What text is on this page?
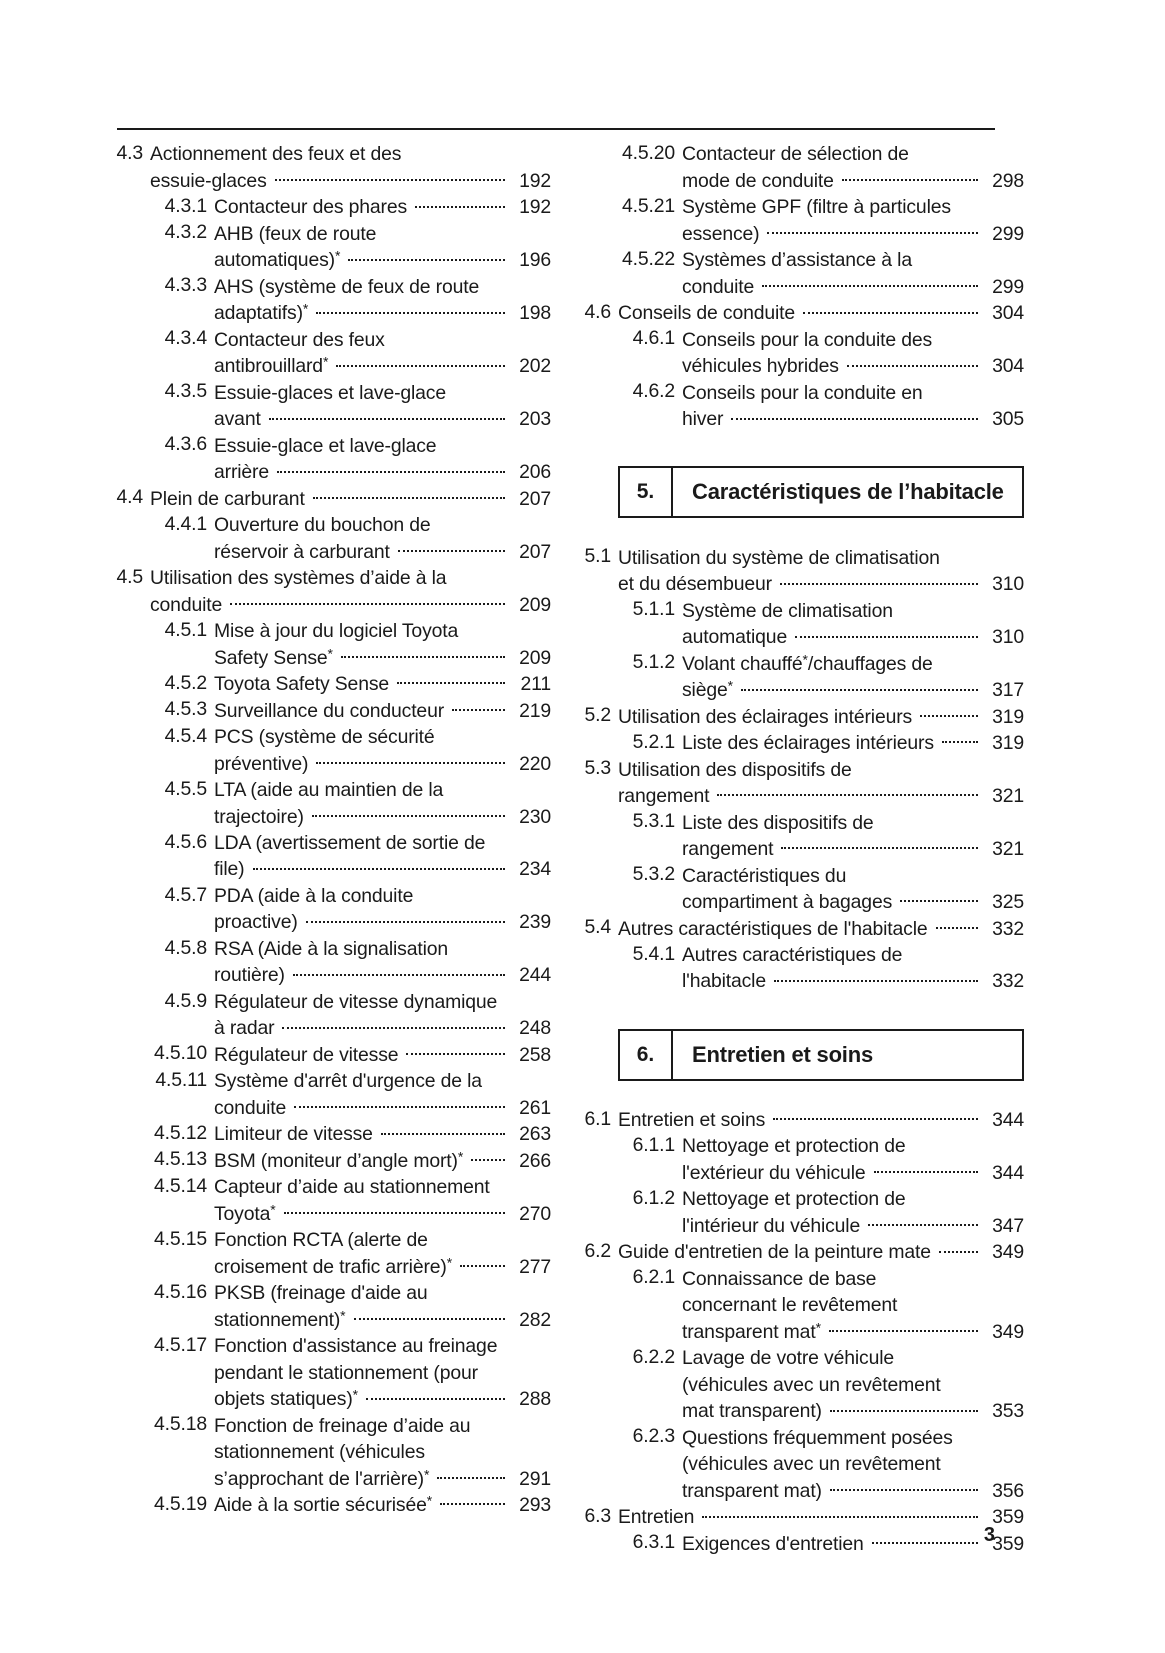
4.3 Actionnement des feux et des
essuie-glaces	192
4.3.1 Contacteur des phares	192
4.3.2 AHB (feux de route
automatiques)*	196
4.3.3 AHS (système de feux de route
adaptatifs)*	198
4.3.4 Contacteur des feux
antibrouillard*	202
4.3.5 Essuie-glaces et lave-glace
avant	203
4.3.6 Essuie-glace et lave-glace
arrière	206
4.4 Plein de carburant	207
4.4.1 Ouverture du bouchon de
réservoir à carburant	207
4.5 Utilisation des systèmes d’aide à la
conduite	209
4.5.1 Mise à jour du logiciel Toyota
Safety Sense*	209
4.5.2 Toyota Safety Sense	211
4.5.3 Surveillance du conducteur	219
4.5.4 PCS (système de sécurité
préventive)	220
4.5.5 LTA (aide au maintien de la
trajectoire)	230
4.5.6 LDA (avertissement de sortie de
file)	234
4.5.7 PDA (aide à la conduite
proactive)	239
4.5.8 RSA (Aide à la signalisation
routière)	244
4.5.9 Régulateur de vitesse dynamique
à radar	248
4.5.10 Régulateur de vitesse	258
4.5.11 Système d'arrêt d'urgence de la
conduite	261
4.5.12 Limiteur de vitesse	263
4.5.13 BSM (moniteur d’angle mort)*	266
4.5.14 Capteur d’aide au stationnement
Toyota*	270
4.5.15 Fonction RCTA (alerte de
croisement de trafic arrière)*	277
4.5.16 PKSB (freinage d'aide au
stationnement)*	282
4.5.17 Fonction d'assistance au freinage
pendant le stationnement (pour
objets statiques)*	288
4.5.18 Fonction de freinage d’aide au
stationnement (véhicules
s’approchant de l'arrière)*	291
4.5.19 Aide à la sortie sécurisée*	293
4.5.20 Contacteur de sélection de
mode de conduite	298
4.5.21 Système GPF (filtre à particules
essence)	299
4.5.22 Systèmes d’assistance à la
conduite	299
4.6 Conseils de conduite	304
4.6.1 Conseils pour la conduite des
véhicules hybrides	304
4.6.2 Conseils pour la conduite en
hiver	305
5.	Caractéristiques de l’habitacle
5.1 Utilisation du système de climatisation
et du désembueur	310
5.1.1 Système de climatisation
automatique	310
5.1.2 Volant chauffé*/chauffages de
siège*	317
5.2 Utilisation des éclairages intérieurs	319
5.2.1 Liste des éclairages intérieurs	319
5.3 Utilisation des dispositifs de
rangement	321
5.3.1 Liste des dispositifs de
rangement	321
5.3.2 Caractéristiques du
compartiment à bagages	325
5.4 Autres caractéristiques de l'habitacle	332
5.4.1 Autres caractéristiques de
l'habitacle	332
6.	Entretien et soins
6.1 Entretien et soins	344
6.1.1 Nettoyage et protection de
l'extérieur du véhicule	344
6.1.2 Nettoyage et protection de
l'intérieur du véhicule	347
6.2 Guide d'entretien de la peinture mate	349
6.2.1 Connaissance de base
concernant le revêtement
transparent mat*	349
6.2.2 Lavage de votre véhicule
(véhicules avec un revêtement
mat transparent)	353
6.2.3 Questions fréquemment posées
(véhicules avec un revêtement
transparent mat)	356
6.3 Entretien	359
6.3.1 Exigences d'entretien	359
3
